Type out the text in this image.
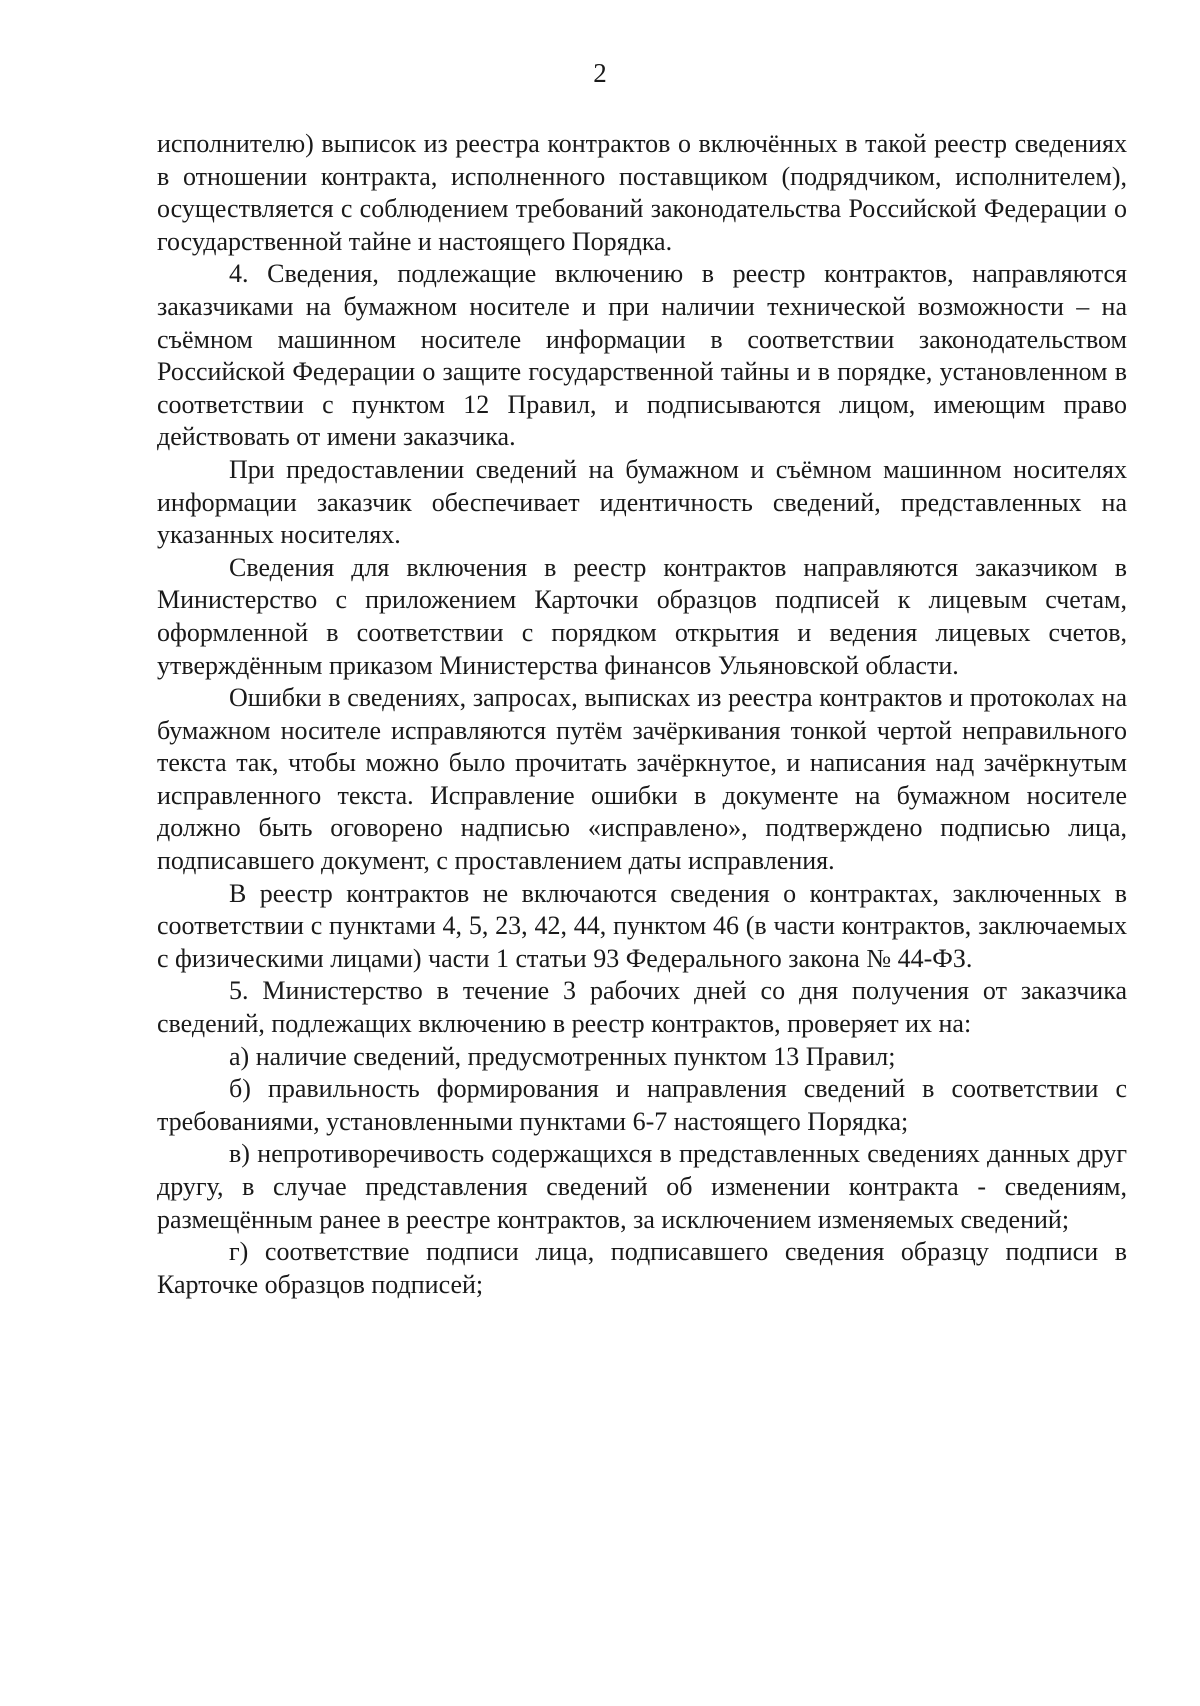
2

исполнителю) выписок из реестра контрактов о включённых в такой реестр сведениях в отношении контракта, исполненного поставщиком (подрядчиком, исполнителем), осуществляется с соблюдением требований законодательства Российской Федерации о государственной тайне и настоящего Порядка.

4. Сведения, подлежащие включению в реестр контрактов, направляются заказчиками на бумажном носителе и при наличии технической возможности – на съёмном машинном носителе информации в соответствии законодательством Российской Федерации о защите государственной тайны и в порядке, установленном в соответствии с пунктом 12 Правил, и подписываются лицом, имеющим право действовать от имени заказчика.

При предоставлении сведений на бумажном и съёмном машинном носителях информации заказчик обеспечивает идентичность сведений, представленных на указанных носителях.

Сведения для включения в реестр контрактов направляются заказчиком в Министерство с приложением Карточки образцов подписей к лицевым счетам, оформленной в соответствии с порядком открытия и ведения лицевых счетов, утверждённым приказом Министерства финансов Ульяновской области.

Ошибки в сведениях, запросах, выписках из реестра контрактов и протоколах на бумажном носителе исправляются путём зачёркивания тонкой чертой неправильного текста так, чтобы можно было прочитать зачёркнутое, и написания над зачёркнутым исправленного текста. Исправление ошибки в документе на бумажном носителе должно быть оговорено надписью «исправлено», подтверждено подписью лица, подписавшего документ, с проставлением даты исправления.

В реестр контрактов не включаются сведения о контрактах, заключенных в соответствии с пунктами 4, 5, 23, 42, 44, пунктом 46 (в части контрактов, заключаемых с физическими лицами) части 1 статьи 93 Федерального закона № 44-ФЗ.

5. Министерство в течение 3 рабочих дней со дня получения от заказчика сведений, подлежащих включению в реестр контрактов, проверяет их на:

а) наличие сведений, предусмотренных пунктом 13 Правил;

б) правильность формирования и направления сведений в соответствии с требованиями, установленными пунктами 6-7 настоящего Порядка;

в) непротиворечивость содержащихся в представленных сведениях данных друг другу, в случае представления сведений об изменении контракта - сведениям, размещённым ранее в реестре контрактов, за исключением изменяемых сведений;

г) соответствие подписи лица, подписавшего сведения образцу подписи в Карточке образцов подписей;
